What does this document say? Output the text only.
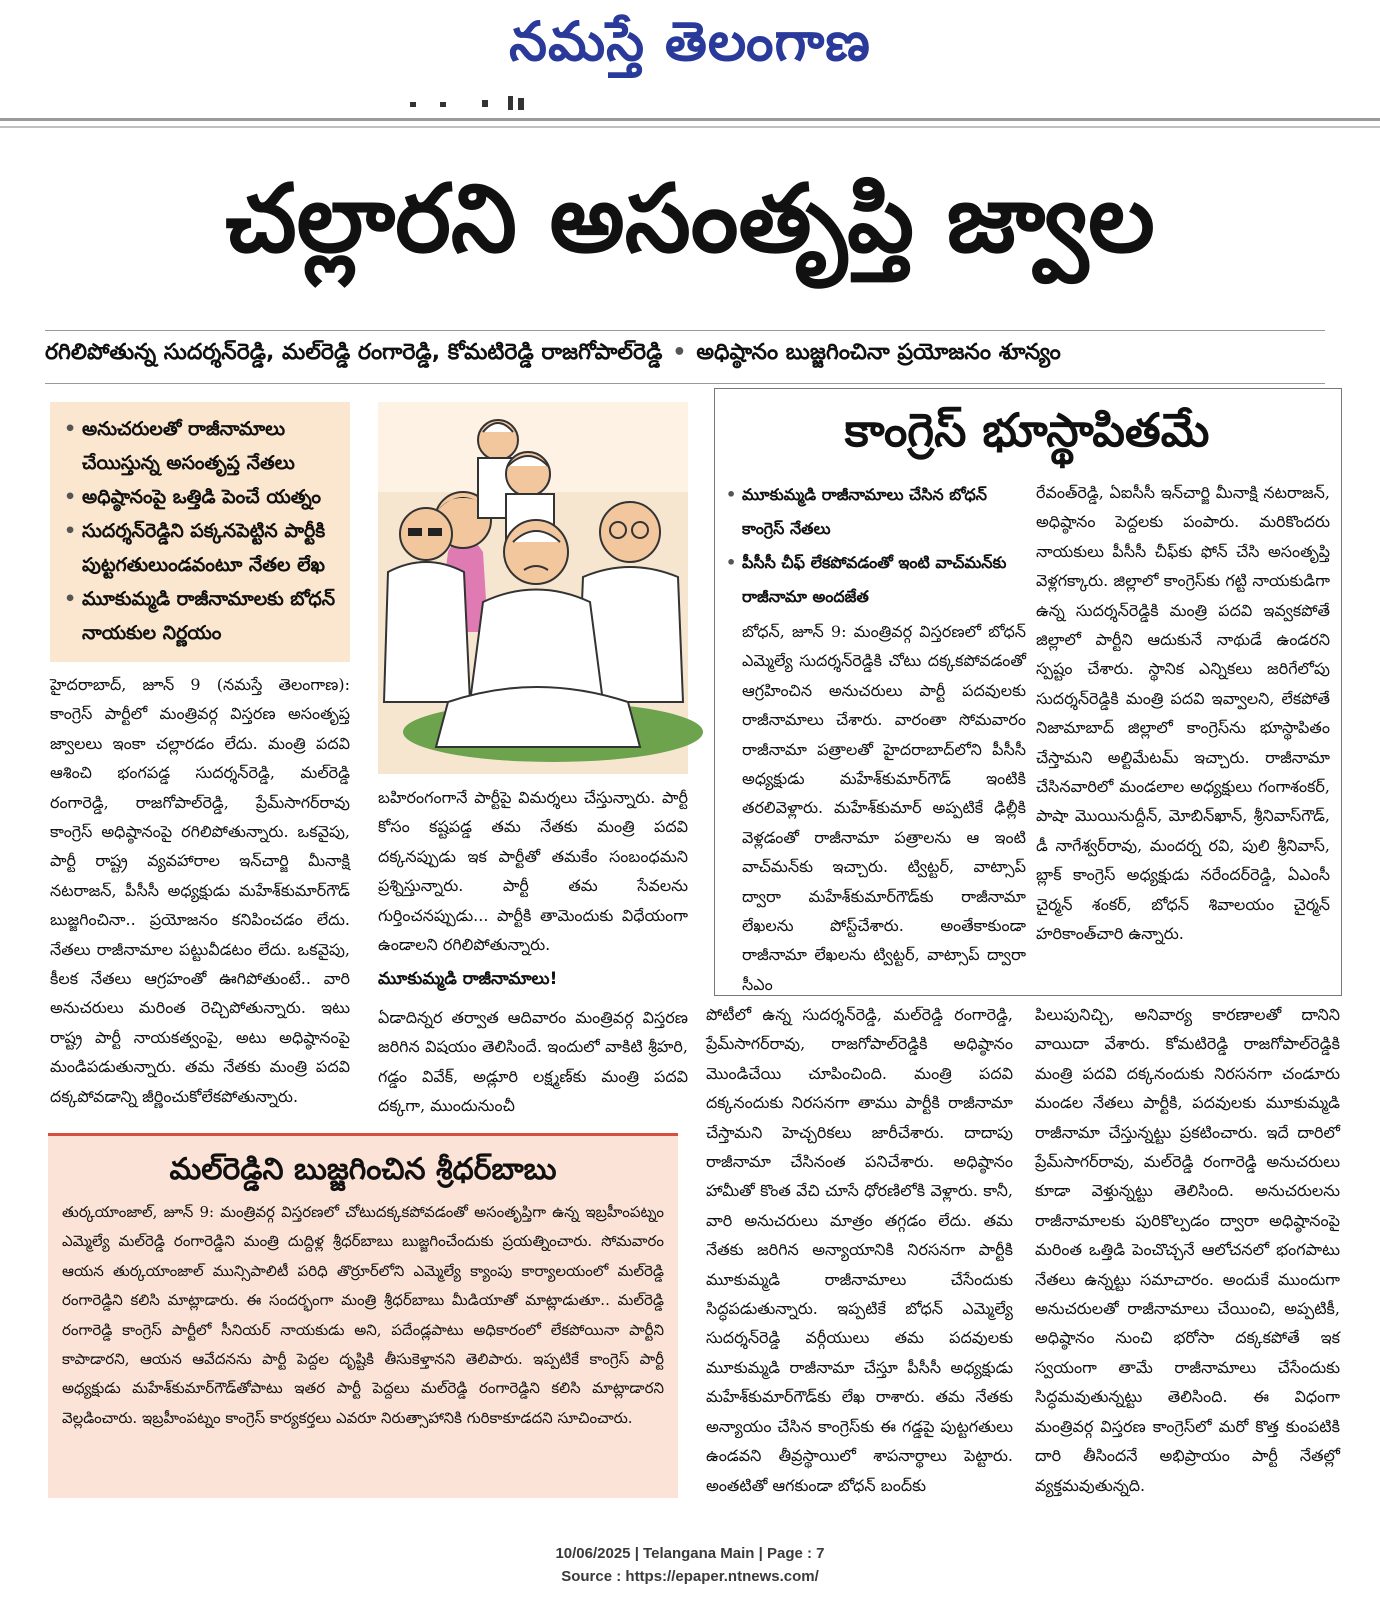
నమస్తే తెలంగాణ
చల్లారని అసంతృప్తి జ్వాల
రగిలిపోతున్న సుదర్శన్‌రెడ్డి, మల్‌రెడ్డి రంగారెడ్డి, కోమటిరెడ్డి రాజగోపాల్‌రెడ్డి • అధిష్ఠానం బుజ్జగించినా ప్రయోజనం శూన్యం
• అనుచరులతో రాజీనామాలు చేయిస్తున్న అసంతృప్త నేతలు
• అధిష్ఠానంపై ఒత్తిడి పెంచే యత్నం
• సుదర్శన్‌రెడ్డిని పక్కనపెట్టిన పార్టీకి పుట్టగతులుండవంటూ నేతల లేఖ
• మూకుమ్మడి రాజీనామాలకు బోధన్ నాయకుల నిర్ణయం
హైదరాబాద్, జూన్ 9 (నమస్తే తెలంగాణ): కాంగ్రెస్ పార్టీలో మంత్రివర్గ విస్తరణ అసంతృప్త జ్వాలలు ఇంకా చల్లారడం లేదు. మంత్రి పదవి ఆశించి భంగపడ్డ సుదర్శన్‌రెడ్డి, మల్‌రెడ్డి రంగారెడ్డి, రాజగోపాల్‌రెడ్డి, ప్రేమ్‌సాగర్‌రావు కాంగ్రెస్ అధిష్ఠానంపై రగిలిపోతున్నారు. ఒకవైపు, పార్టీ రాష్ట్ర వ్యవహారాల ఇన్‌చార్జి మీనాక్షి నటరాజన్, పీసీసీ అధ్యక్షుడు మహేశ్‌కుమార్‌గౌడ్ బుజ్జగించినా.. ప్రయోజనం కనిపించడం లేదు. నేతలు రాజీనామాల పట్టువీడటం లేదు. ఒకవైపు, కీలక నేతలు ఆగ్రహంతో ఊగిపోతుంటే.. వారి అనుచరులు మరింత రెచ్చిపోతున్నారు. ఇటు రాష్ట్ర పార్టీ నాయకత్వంపై, అటు అధిష్ఠానంపై మండిపడుతున్నారు. తమ నేతకు మంత్రి పదవి దక్కపోవడాన్ని జీర్ణించుకోలేకపోతున్నారు.
బహిరంగంగానే పార్టీపై విమర్శలు చేస్తున్నారు. పార్టీ కోసం కష్టపడ్డ తమ నేతకు మంత్రి పదవి దక్కనప్పుడు ఇక పార్టీతో తమకేం సంబంధమని ప్రశ్నిస్తున్నారు. పార్టీ తమ సేవలను గుర్తించనప్పుడు... పార్టీకి తామెందుకు విధేయంగా ఉండాలని రగిలిపోతున్నారు.
మూకుమ్మడి రాజీనామాలు!
ఏడాదిన్నర తర్వాత ఆదివారం మంత్రివర్గ విస్తరణ జరిగిన విషయం తెలిసిందే. ఇందులో వాకిటి శ్రీహరి, గడ్డం వివేక్, అడ్లూరి లక్ష్మణ్‌కు మంత్రి పదవి దక్కగా, ముందునుంచీ
కాంగ్రెస్ భూస్థాపితమే
• మూకుమ్మడి రాజీనామాలు చేసిన బోధన్ కాంగ్రెస్ నేతలు
• పీసీసీ చీఫ్ లేకపోవడంతో ఇంటి వాచ్‌మన్‌కు రాజీనామా అందజేత
బోధన్, జూన్ 9: మంత్రివర్గ విస్తరణలో బోధన్ ఎమ్మెల్యే సుదర్శన్‌రెడ్డికి చోటు దక్కకపోవడంతో ఆగ్రహించిన అనుచరులు పార్టీ పదవులకు రాజీనామాలు చేశారు. వారంతా సోమవారం రాజీనామా పత్రాలతో హైదరాబాద్‌లోని పీసీసీ అధ్యక్షుడు మహేశ్‌కుమార్‌గౌడ్ ఇంటికి తరలివెళ్లారు. మహేశ్‌కుమార్ అప్పటికే ఢిల్లీకి వెళ్లడంతో రాజీనామా పత్రాలను ఆ ఇంటి వాచ్‌మన్‌కు ఇచ్చారు. ట్విట్టర్, వాట్సాప్ ద్వారా మహేశ్‌కుమార్‌గౌడ్‌కు రాజీనామా లేఖలను పోస్ట్‌చేశారు. అంతేకాకుండా రాజీనామా లేఖలను ట్విట్టర్, వాట్సాప్ ద్వారా సీఎం
రేవంత్‌రెడ్డి, ఏఐసీసీ ఇన్‌చార్జి మీనాక్షి నటరాజన్, అధిష్ఠానం పెద్దలకు పంపారు. మరికొందరు నాయకులు పీసీసీ చీఫ్‌కు ఫోన్ చేసి అసంతృప్తి వెళ్లగక్కారు. జిల్లాలో కాంగ్రెస్‌కు గట్టి నాయకుడిగా ఉన్న సుదర్శన్‌రెడ్డికి మంత్రి పదవి ఇవ్వకపోతే జిల్లాలో పార్టీని ఆదుకునే నాథుడే ఉండరని స్పష్టం చేశారు. స్థానిక ఎన్నికలు జరిగేలోపు సుదర్శన్‌రెడ్డికి మంత్రి పదవి ఇవ్వాలని, లేకపోతే నిజామాబాద్ జిల్లాలో కాంగ్రెస్‌ను భూస్థాపితం చేస్తామని అల్టిమేటమ్ ఇచ్చారు. రాజీనామా చేసినవారిలో మండలాల అధ్యక్షులు గంగాశంకర్, పాషా మొయినుద్దీన్, మోబిన్‌ఖాన్, శ్రీనివాస్‌గౌడ్, డీ నాగేశ్వర్‌రావు, మందర్న రవి, పులి శ్రీనివాస్, బ్లాక్ కాంగ్రెస్ అధ్యక్షుడు నరేందర్‌రెడ్డి, ఏఎంసీ చైర్మన్ శంకర్, బోధన్ శివాలయం చైర్మన్ హరికాంత్‌చారి ఉన్నారు.
పోటీలో ఉన్న సుదర్శన్‌రెడ్డి, మల్‌రెడ్డి రంగారెడ్డి, ప్రేమ్‌సాగర్‌రావు, రాజగోపాల్‌రెడ్డికి అధిష్ఠానం మొండిచేయి చూపించింది. మంత్రి పదవి దక్కనందుకు నిరసనగా తాము పార్టీకి రాజీనామా చేస్తామని హెచ్చరికలు జారీచేశారు. దాదాపు రాజీనామా చేసినంత పనిచేశారు. అధిష్ఠానం హామీతో కొంత వేచి చూసే ధోరణిలోకి వెళ్లారు. కానీ, వారి అనుచరులు మాత్రం తగ్గడం లేదు. తమ నేతకు జరిగిన అన్యాయానికి నిరసనగా పార్టీకి మూకుమ్మడి రాజీనామాలు చేసేందుకు సిద్ధపడుతున్నారు. ఇప్పటికే బోధన్ ఎమ్మెల్యే సుదర్శన్‌రెడ్డి వర్గీయులు తమ పదవులకు మూకుమ్మడి రాజీనామా చేస్తూ పీసీసీ అధ్యక్షుడు మహేశ్‌కుమార్‌గౌడ్‌కు లేఖ రాశారు. తమ నేతకు అన్యాయం చేసిన కాంగ్రెస్‌కు ఈ గడ్డపై పుట్టగతులు ఉండవని తీవ్రస్థాయిలో శాపనార్థాలు పెట్టారు. అంతటితో ఆగకుండా బోధన్ బంద్‌కు
పిలుపునిచ్చి, అనివార్య కారణాలతో దానిని వాయిదా వేశారు. కోమటిరెడ్డి రాజగోపాల్‌రెడ్డికి మంత్రి పదవి దక్కనందుకు నిరసనగా చండూరు మండల నేతలు పార్టీకి, పదవులకు మూకుమ్మడి రాజీనామా చేస్తున్నట్టు ప్రకటించారు. ఇదే దారిలో ప్రేమ్‌సాగర్‌రావు, మల్‌రెడ్డి రంగారెడ్డి అనుచరులు కూడా వెళ్తున్నట్టు తెలిసింది. అనుచరులను రాజీనామాలకు పురికొల్పడం ద్వారా అధిష్ఠానంపై మరింత ఒత్తిడి పెంచొచ్చనే ఆలోచనలో భంగపాటు నేతలు ఉన్నట్టు సమాచారం. అందుకే ముందుగా అనుచరులతో రాజీనామాలు చేయించి, అప్పటికీ, అధిష్ఠానం నుంచి భరోసా దక్కకపోతే ఇక స్వయంగా తామే రాజీనామాలు చేసేందుకు సిద్ధమవుతున్నట్టు తెలిసింది. ఈ విధంగా మంత్రివర్గ విస్తరణ కాంగ్రెస్‌లో మరో కొత్త కుంపటికి దారి తీసిందనే అభిప్రాయం పార్టీ నేతల్లో వ్యక్తమవుతున్నది.
మల్‌రెడ్డిని బుజ్జగించిన శ్రీధర్‌బాబు
తుర్కయాంజాల్, జూన్ 9: మంత్రివర్గ విస్తరణలో చోటుదక్కకపోవడంతో అసంతృప్తిగా ఉన్న ఇబ్రహీంపట్నం ఎమ్మెల్యే మల్‌రెడ్డి రంగారెడ్డిని మంత్రి దుద్దిళ్ల శ్రీధర్‌బాబు బుజ్జగించేందుకు ప్రయత్నించారు. సోమవారం ఆయన తుర్కయాంజాల్ మున్సిపాలిటీ పరిధి తొర్రూర్‌లోని ఎమ్మెల్యే క్యాంపు కార్యాలయంలో మల్‌రెడ్డి రంగారెడ్డిని కలిసి మాట్లాడారు. ఈ సందర్భంగా మంత్రి శ్రీధర్‌బాబు మీడియాతో మాట్లాడుతూ.. మల్‌రెడ్డి రంగారెడ్డి కాంగ్రెస్ పార్టీలో సీనియర్ నాయకుడు అని, పదేండ్లపాటు అధికారంలో లేకపోయినా పార్టీని కాపాడారని, ఆయన ఆవేదనను పార్టీ పెద్దల దృష్టికి తీసుకెళ్తానని తెలిపారు. ఇప్పటికే కాంగ్రెస్ పార్టీ అధ్యక్షుడు మహేశ్‌కుమార్‌గౌడ్‌తోపాటు ఇతర పార్టీ పెద్దలు మల్‌రెడ్డి రంగారెడ్డిని కలిసి మాట్లాడారని వెల్లడించారు. ఇబ్రహీంపట్నం కాంగ్రెస్ కార్యకర్తలు ఎవరూ నిరుత్సాహానికి గురికాకూడదని సూచించారు.
10/06/2025 | Telangana Main | Page : 7
Source : https://epaper.ntnews.com/
